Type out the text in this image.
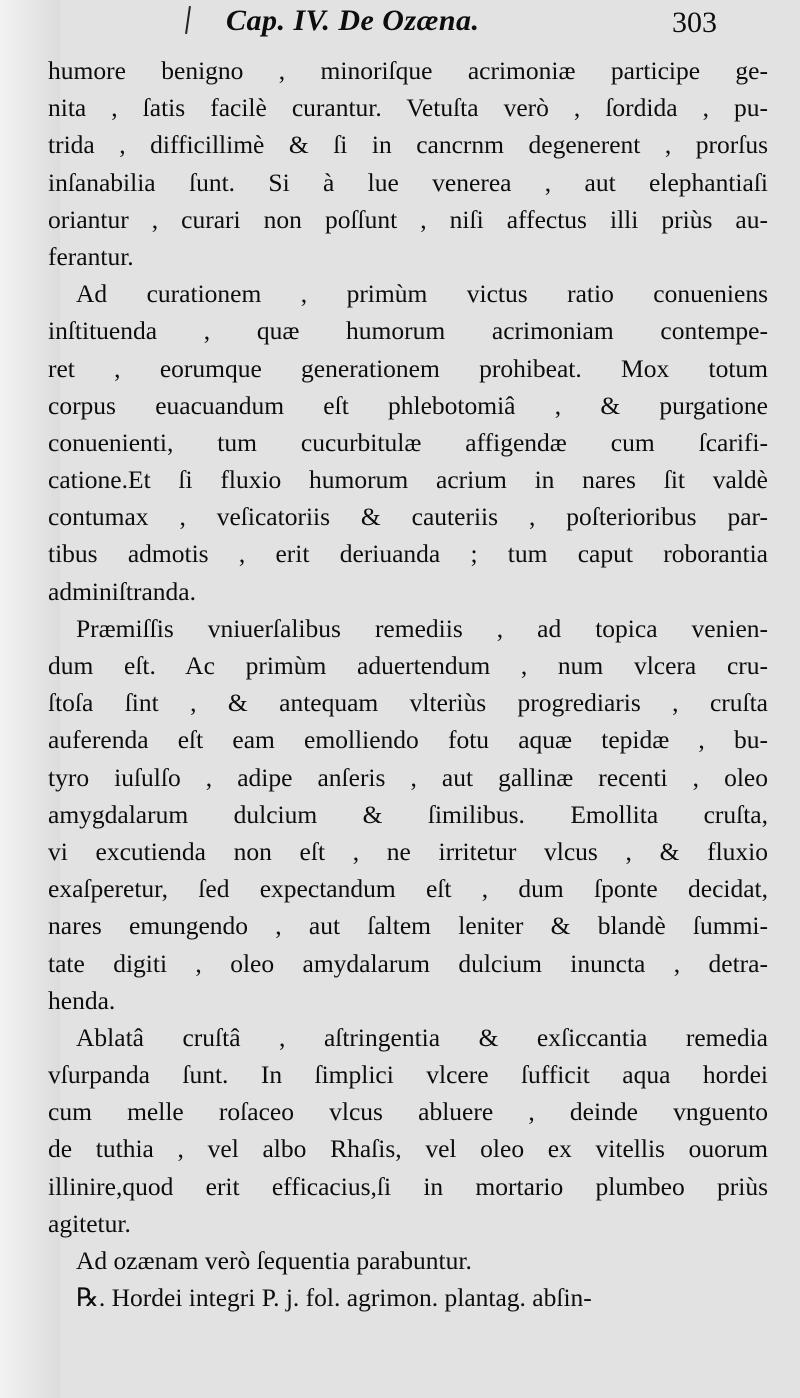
Cap. IV. De Ozæna.	303
humore benigno , minoriſque acrimoniæ participe ge-
nita , ſatis facilè curantur. Vetuſta verò , ſordida , pu-
trida , difficillimè & ſi in cancrnm degenerent , prorſus
inſanabilia ſunt. Si à lue venerea , aut elephantiaſi
oriantur , curari non poſſunt , niſi affectus illi priùs au-
ferantur.
Ad curationem , primùm victus ratio conueniens
inſtituenda , quæ humorum acrimoniam contempe-
ret , eorumque generationem prohibeat. Mox totum
corpus euacuandum eſt phlebotomiâ , & purgatione
conuenienti, tum cucurbitulæ affigendæ cum ſcarifi-
catione.Et ſi fluxio humorum acrium in nares ſit valdè
contumax , veſicatoriis & cauteriis , poſterioribus par-
tibus admotis , erit deriuanda ; tum caput roborantia
adminiſtranda.
Præmiſſis vniuerſalibus remediis , ad topica venien-
dum eſt. Ac primùm aduertendum , num vlcera cru-
ſtoſa ſint , & antequam vlteriùs progrediaris , cruſta
auferenda eſt eam emolliendo fotu aquæ tepidæ , bu-
tyro iuſulſo , adipe anſeris , aut gallinæ recenti , oleo
amygdalarum dulcium & ſimilibus. Emollita cruſta,
vi excutienda non eſt , ne irritetur vlcus , & fluxio
exaſperetur, ſed expectandum eſt , dum ſponte decidat,
nares emungendo , aut ſaltem leniter & blandè ſummi-
tate digiti , oleo amydalarum dulcium inuncta , detra-
henda.
Ablatâ cruſtâ , aſtringentia & exſiccantia remedia
vſurpanda ſunt. In ſimplici vlcere ſufficit aqua hordei
cum melle roſaceo vlcus abluere , deinde vnguento
de tuthia , vel albo Rhaſis, vel oleo ex vitellis ouorum
illinire,quod erit efficacius,ſi in mortario plumbeo priùs
agitetur.
Ad ozænam verò ſequentia parabuntur.
℞. Hordei integri P. j. fol. agrimon. plantag. abſin-
